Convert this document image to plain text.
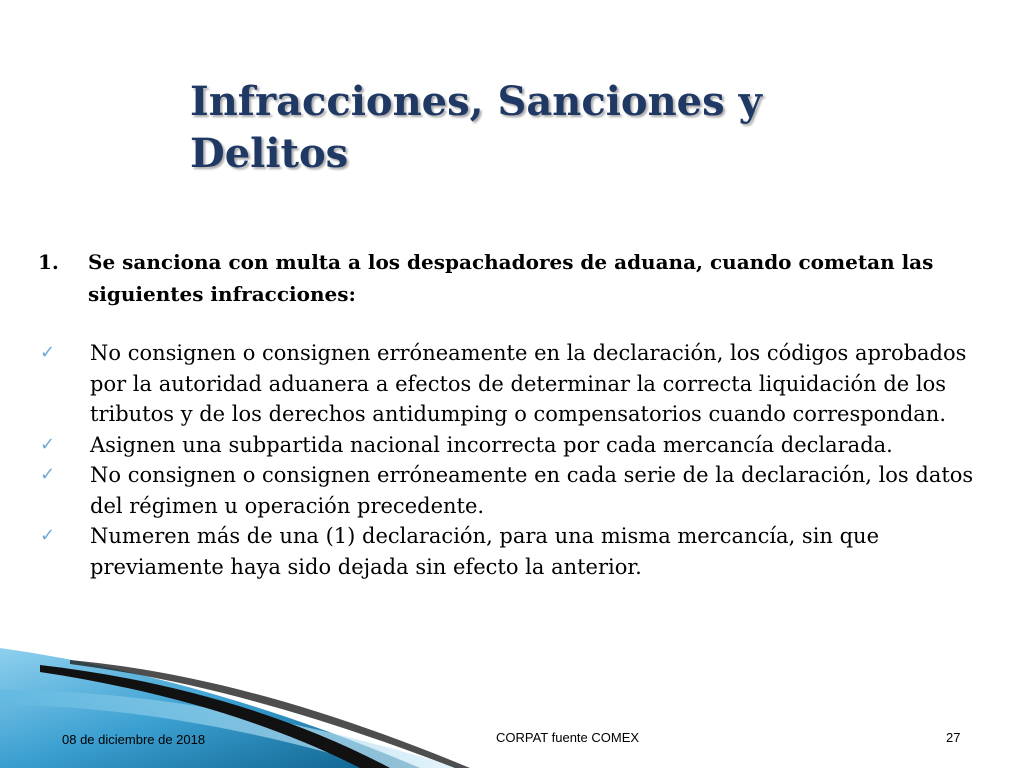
Infracciones, Sanciones y Delitos
1.	Se sanciona con multa a los despachadores de aduana, cuando cometan las siguientes infracciones:
✓	No consignen o consignen erróneamente en la declaración, los códigos aprobados por la autoridad aduanera a efectos de determinar la correcta liquidación de los tributos y de los derechos antidumping o compensatorios cuando correspondan.
✓	Asignen una subpartida nacional incorrecta por cada mercancía declarada.
✓	No consignen o consignen erróneamente en cada serie de la declaración, los datos del régimen u operación precedente.
✓	Numeren más de una (1) declaración, para una misma mercancía, sin que previamente haya sido dejada sin efecto la anterior.
08 de diciembre de 2018	CORPAT fuente COMEX	27
